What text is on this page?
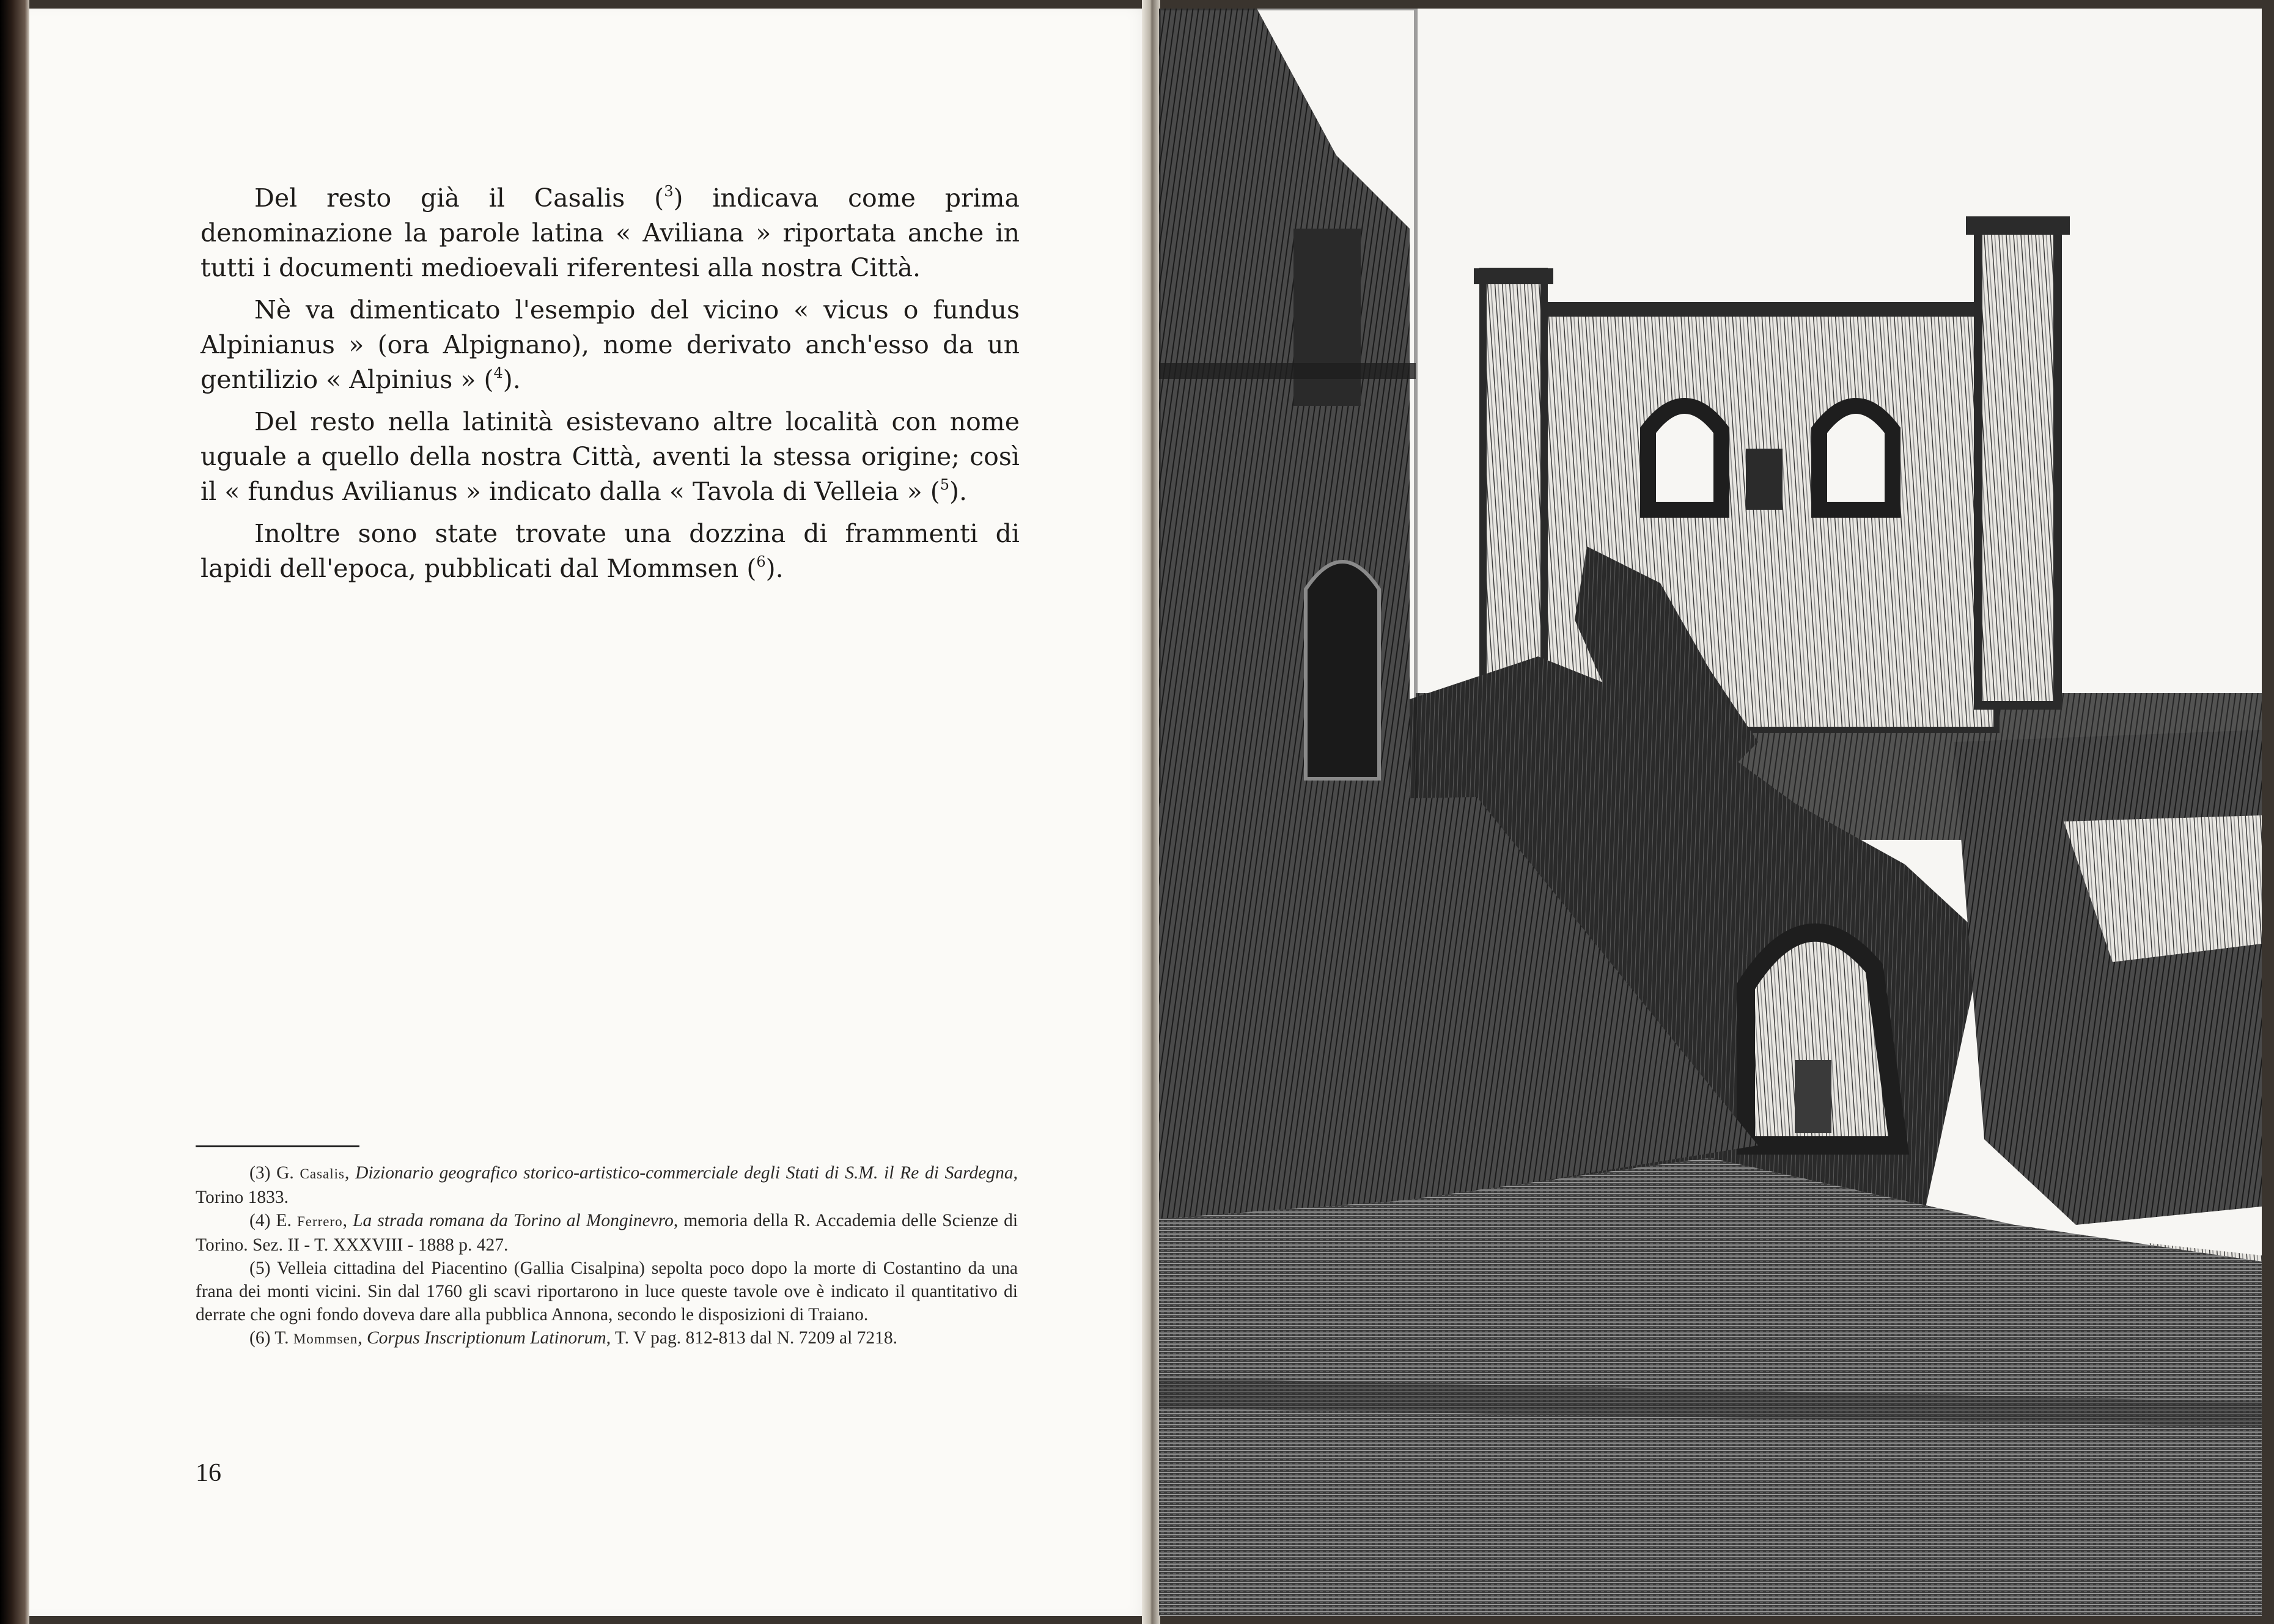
Del resto già il Casalis ($^3$) indicava come prima denominazione la parole latina « Aviliana » riportata anche in tutti i documenti medioevali riferentesi alla nostra Città.

Nè va dimenticato l'esempio del vicino « vicus o fundus Alpinianus » (ora Alpignano), nome derivato anch'esso da un gentilizio « Alpinius » ($^4$).

Del resto nella latinità esistevano altre località con nome uguale a quello della nostra Città, aventi la stessa origine; così il « fundus Avilianus » indicato dalla « Tavola di Velleia » ($^5$).

Inoltre sono state trovate una dozzina di frammenti di lapidi dell'epoca, pubblicati dal Mommsen ($^6$).

(3) G. Casalis, Dizionario geografico storico-artistico-commerciale degli Stati di S.M. il Re di Sardegna, Torino 1833.

(4) E. Ferrero, La strada romana da Torino al Monginevro, memoria della R. Accademia delle Scienze di Torino. Sez. II - T. XXXVIII - 1888 p. 427.

(5) Velleia cittadina del Piacentino (Gallia Cisalpina) sepolta poco dopo la morte di Costantino da una frana dei monti vicini. Sin dal 1760 gli scavi riportarono in luce queste tavole ove è indicato il quantitativo di derrate che ogni fondo doveva dare alla pubblica Annona, secondo le disposizioni di Traiano.

(6) T. Mommsen, Corpus Inscriptionum Latinorum, T. V pag. 812-813 dal N. 7209 al 7218.

16
